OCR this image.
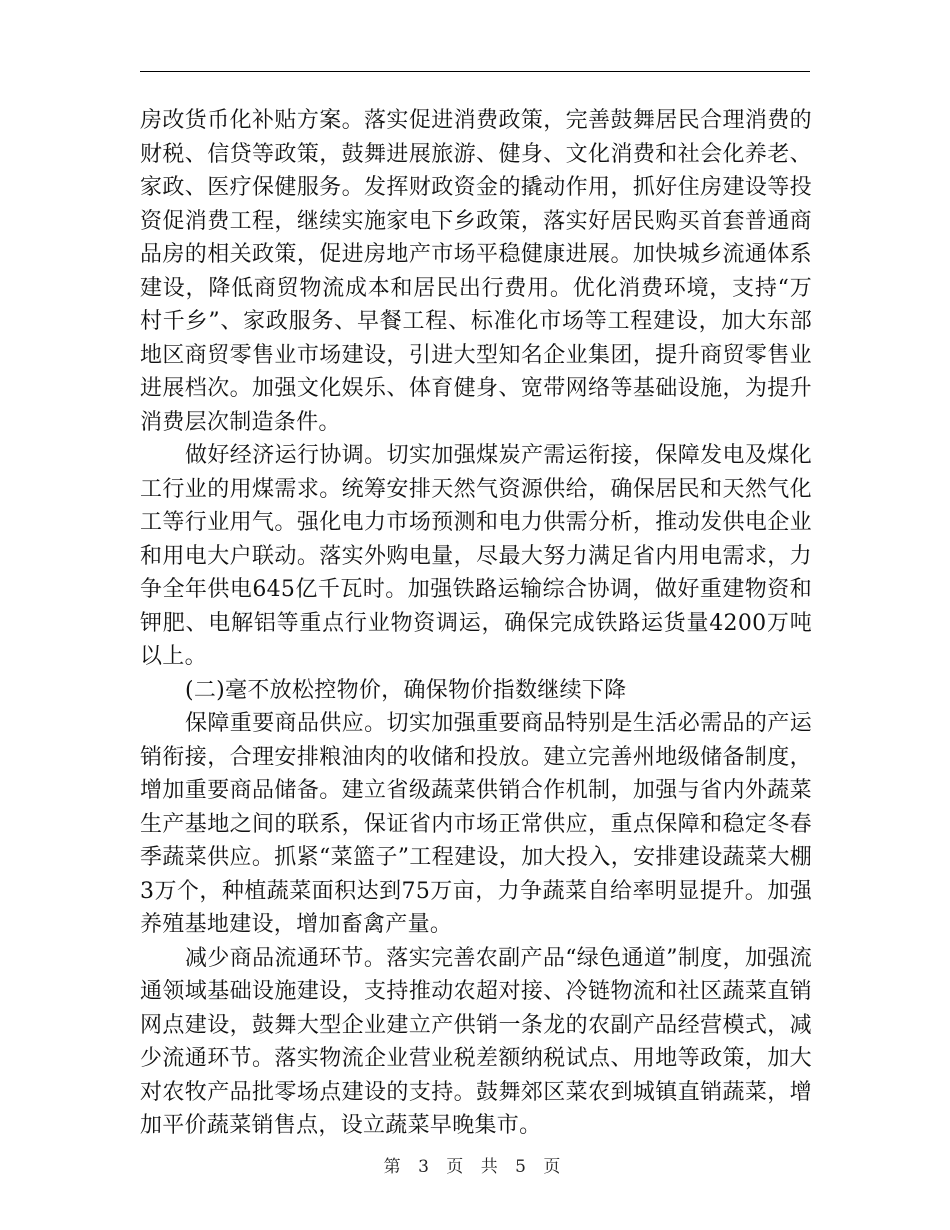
房改货币化补贴方案。落实促进消费政策，完善鼓舞居民合理消费的财税、信贷等政策，鼓舞进展旅游、健身、文化消费和社会化养老、家政、医疗保健服务。发挥财政资金的撬动作用，抓好住房建设等投资促消费工程，继续实施家电下乡政策，落实好居民购买首套普通商品房的相关政策，促进房地产市场平稳健康进展。加快城乡流通体系建设，降低商贸物流成本和居民出行费用。优化消费环境，支持“万村千乡”、家政服务、早餐工程、标准化市场等工程建设，加大东部地区商贸零售业市场建设，引进大型知名企业集团，提升商贸零售业进展档次。加强文化娱乐、体育健身、宽带网络等基础设施，为提升消费层次制造条件。

做好经济运行协调。切实加强煤炭产需运衔接，保障发电及煤化工行业的用煤需求。统筹安排天然气资源供给，确保居民和天然气化工等行业用气。强化电力市场预测和电力供需分析，推动发供电企业和用电大户联动。落实外购电量，尽最大努力满足省内用电需求，力争全年供电645亿千瓦时。加强铁路运输综合协调，做好重建物资和钾肥、电解铝等重点行业物资调运，确保完成铁路运货量4200万吨以上。

(二)毫不放松控物价，确保物价指数继续下降

保障重要商品供应。切实加强重要商品特别是生活必需品的产运销衔接，合理安排粮油肉的收储和投放。建立完善州地级储备制度，增加重要商品储备。建立省级蔬菜供销合作机制，加强与省内外蔬菜生产基地之间的联系，保证省内市场正常供应，重点保障和稳定冬春季蔬菜供应。抓紧“菜篮子”工程建设，加大投入，安排建设蔬菜大棚3万个，种植蔬菜面积达到75万亩，力争蔬菜自给率明显提升。加强养殖基地建设，增加畜禽产量。

减少商品流通环节。落实完善农副产品“绿色通道”制度，加强流通领域基础设施建设，支持推动农超对接、冷链物流和社区蔬菜直销网点建设，鼓舞大型企业建立产供销一条龙的农副产品经营模式，减少流通环节。落实物流企业营业税差额纳税试点、用地等政策，加大对农牧产品批零场点建设的支持。鼓舞郊区菜农到城镇直销蔬菜，增加平价蔬菜销售点，设立蔬菜早晚集市。

第 3 页 共 5 页
